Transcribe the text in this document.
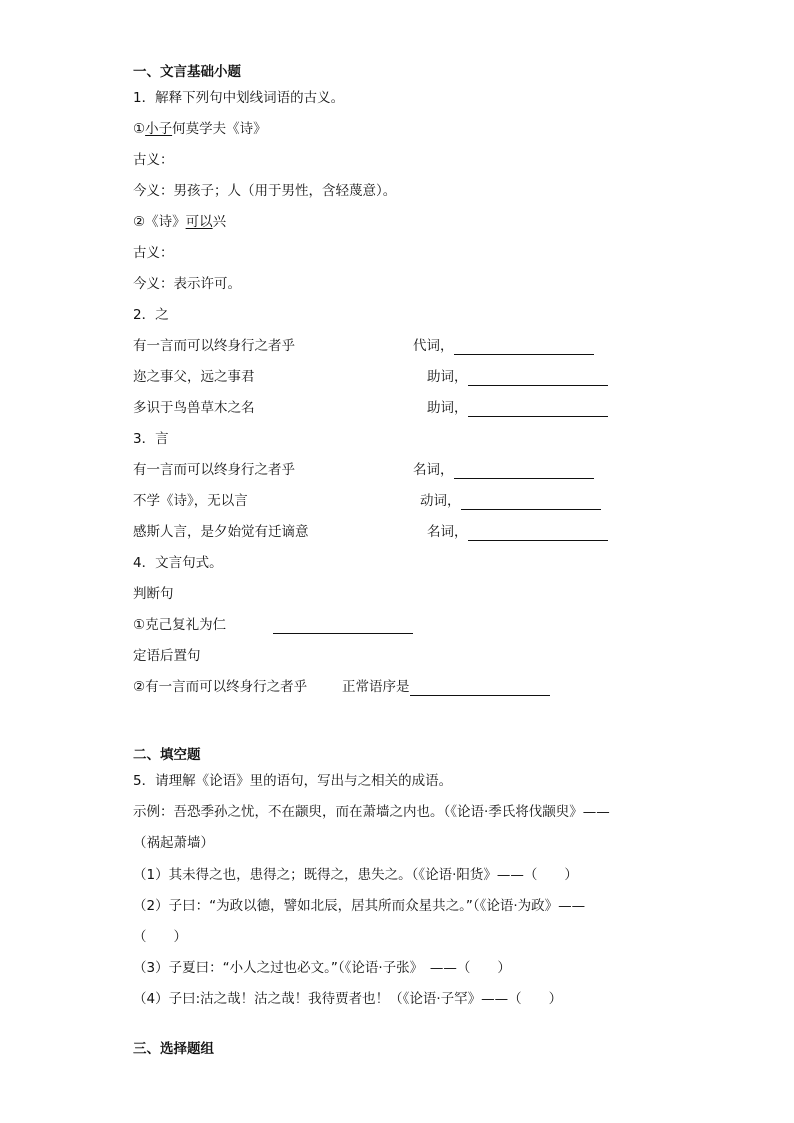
一、文言基础小题
1．解释下列句中划线词语的古义。
①小子何莫学夫《诗》
古义：
今义：男孩子；人（用于男性，含轻蔑意）。
②《诗》可以兴
古义：
今义：表示许可。
2．之
有一言而可以终身行之者乎	代词，
迩之事父，远之事君	助词，
多识于鸟兽草木之名	助词，
3．言
有一言而可以终身行之者乎	名词，
不学《诗》，无以言	动词，
感斯人言，是夕始觉有迁谪意	名词，
4．文言句式。
判断句
①克己复礼为仁
定语后置句
②有一言而可以终身行之者乎	正常语序是
二、填空题
5．请理解《论语》里的语句，写出与之相关的成语。
示例：吾恐季孙之忧，不在颛臾，而在萧墙之内也。（《论语·季氏将伐颛臾》——
（祸起萧墙）
（1）其未得之也，患得之；既得之，患失之。（《论语·阳货》——（　　）
（2）子曰：“为政以德，譬如北辰，居其所而众星共之。”（《论语·为政》——
（　　）
（3）子夏曰：“小人之过也必文。”（《论语·子张》　——（　　）
（4）子曰:沽之哉！沽之哉！我待贾者也！（《论语·子罕》——（　　）
三、选择题组
